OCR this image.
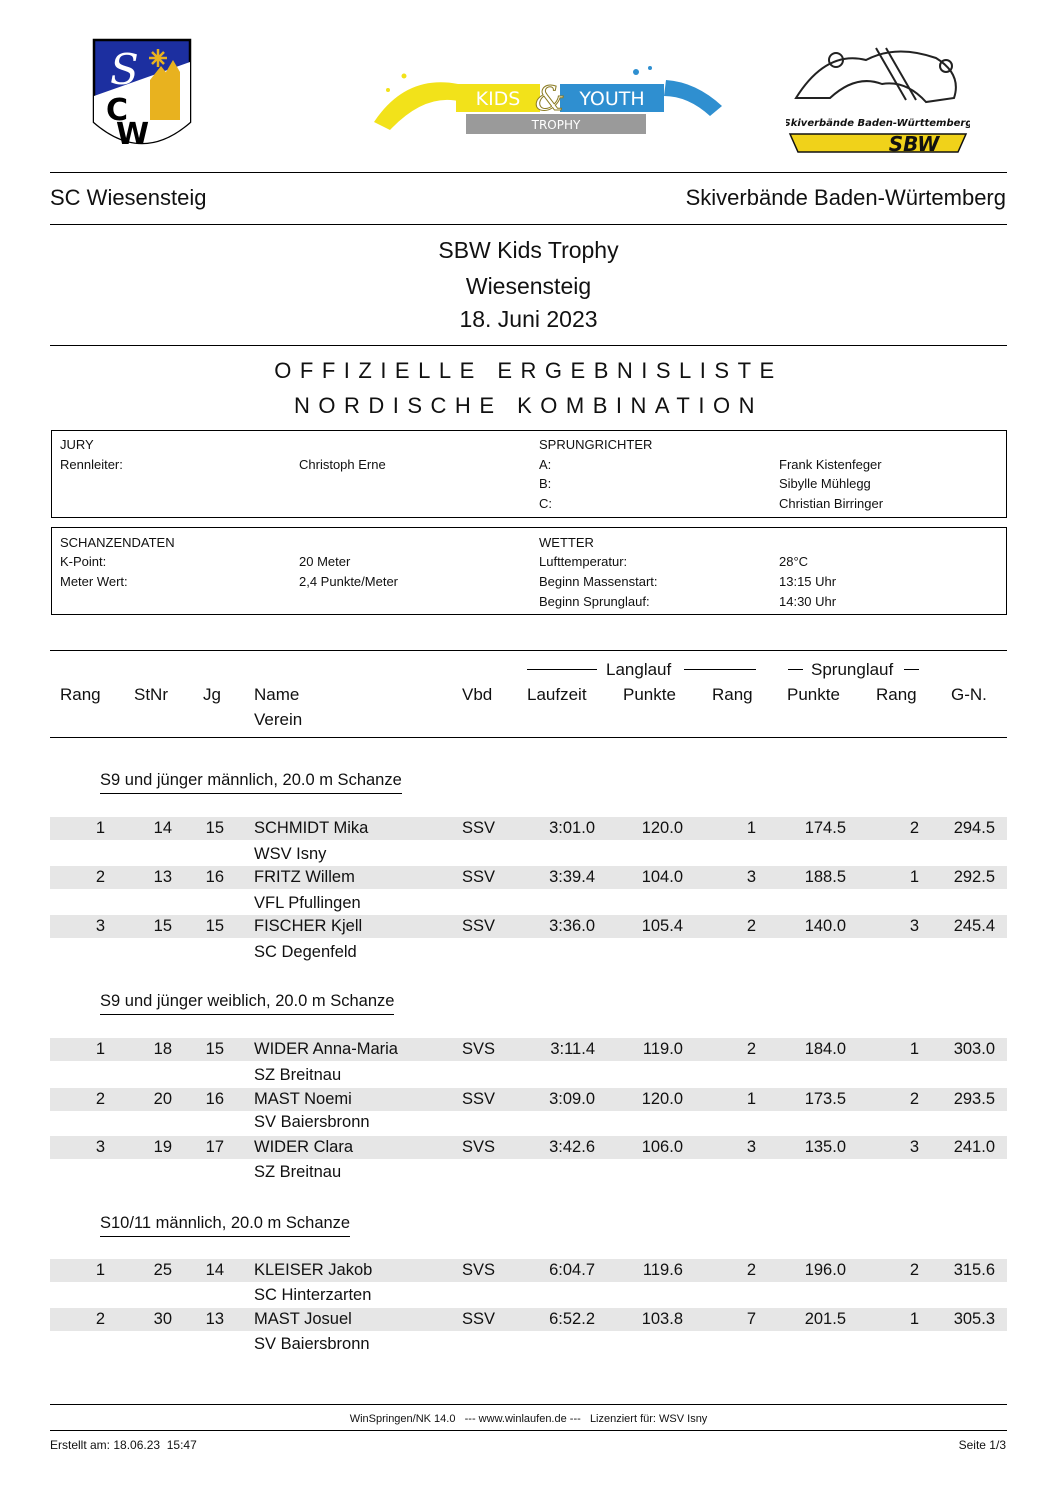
S
C
W
KIDS & YOUTH
TROPHY	Skiverbände Baden-Württemberg
SBW
SC Wiesensteig	Skiverbände Baden-Würtemberg
SBW Kids Trophy
Wiesensteig
18. Juni 2023
OFFIZIELLE ERGEBNISLISTE
NORDISCHE KOMBINATION
JURY
Rennleiter:	Christoph Erne
SPRUNGRICHTER
A:	Frank Kistenfeger
B:	Sibylle Mühlegg
C:	Christian Birringer
SCHANZENDATEN
K-Point:	20 Meter
Meter Wert:	2,4 Punkte/Meter
WETTER
Lufttemperatur:	28°C
Beginn Massenstart:	13:15 Uhr
Beginn Sprunglauf:	14:30 Uhr
Langlauf	Sprunglauf
Rang StNr Jg Name
Verein
Vbd Laufzeit Punkte Rang Punkte Rang G-N.
S9 und jünger männlich, 20.0 m Schanze
1	14	15 SCHMIDT Mika	SSV	3:01.0	120.0	1	174.5	2	294.5
WSV Isny
2	13	16 FRITZ Willem	SSV	3:39.4	104.0	3	188.5	1	292.5
VFL Pfullingen
3	15	15 FISCHER Kjell	SSV	3:36.0	105.4	2	140.0	3	245.4
SC Degenfeld
S9 und jünger weiblich, 20.0 m Schanze
1	18	15 WIDER Anna-Maria	SVS	3:11.4	119.0	2	184.0	1	303.0
SZ Breitnau
2	20	16 MAST Noemi	SSV	3:09.0	120.0	1	173.5	2	293.5
SV Baiersbronn
3	19	17 WIDER Clara	SVS	3:42.6	106.0	3	135.0	3	241.0
SZ Breitnau
S10/11 männlich, 20.0 m Schanze
1	25	14 KLEISER Jakob	SVS	6:04.7	119.6	2	196.0	2	315.6
SC Hinterzarten
2	30	13 MAST Josuel	SSV	6:52.2	103.8	7	201.5	1	305.3
SV Baiersbronn
WinSpringen/NK 14.0   --- www.winlaufen.de ---   Lizenziert für: WSV Isny
Erstellt am: 18.06.23  15:47	Seite 1/3
